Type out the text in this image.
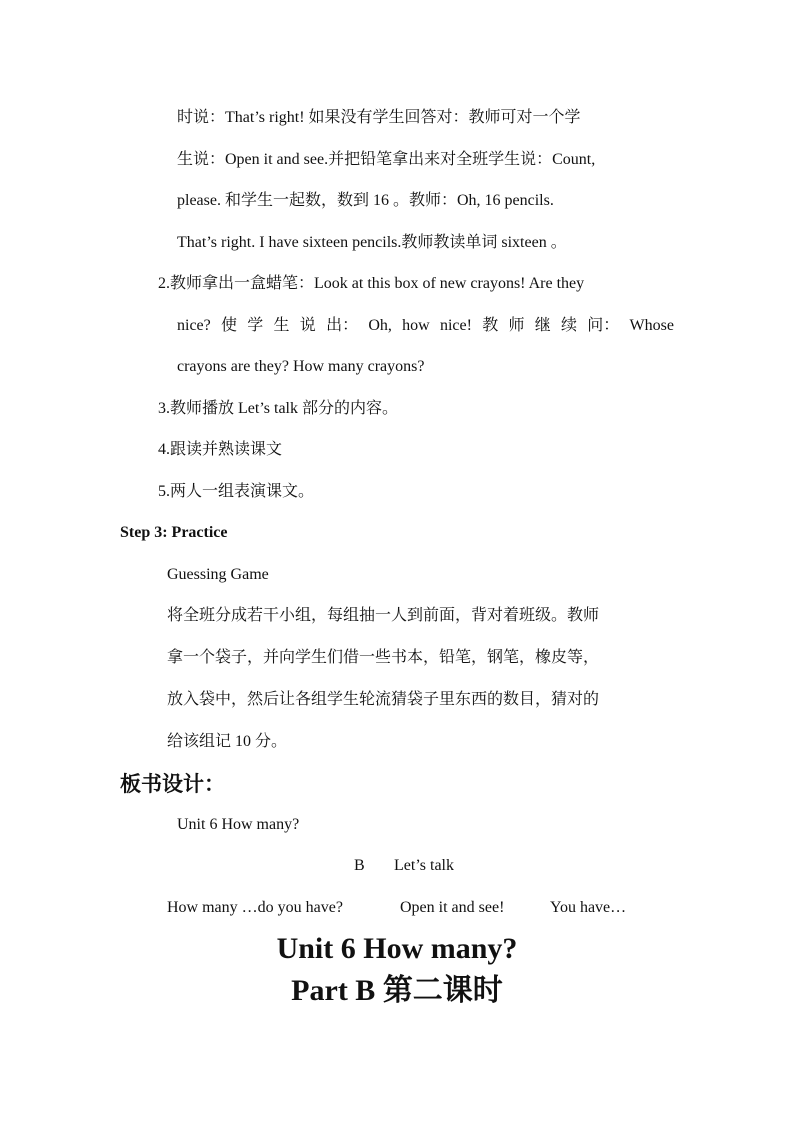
时说：That’s right! 如果没有学生回答对：教师可对一个学
生说：Open it and see.并把铅笔拿出来对全班学生说：Count,
please. 和学生一起数，数到 16 。教师：Oh, 16 pencils.
That’s right. I have sixteen pencils.教师教读单词 sixteen 。
2.教师拿出一盒蜡笔：Look at this box of new crayons! Are they
nice? 使 学 生 说 出： Oh, how nice! 教 师 继 续 问： Whose
crayons are they? How many crayons?
3.教师播放 Let’s talk 部分的内容。
4.跟读并熟读课文
5.两人一组表演课文。
Step 3: Practice
Guessing Game
将全班分成若干小组，每组抽一人到前面，背对着班级。教师
拿一个袋子，并向学生们借一些书本，铅笔，钢笔，橡皮等，
放入袋中，然后让各组学生轮流猜袋子里东西的数目，猜对的
给该组记 10 分。
板书设计：
Unit 6 How many?
B Let’s talk
How many …do you have?	Open it and see!	You have…
Unit 6 How many?
Part B 第二课时
